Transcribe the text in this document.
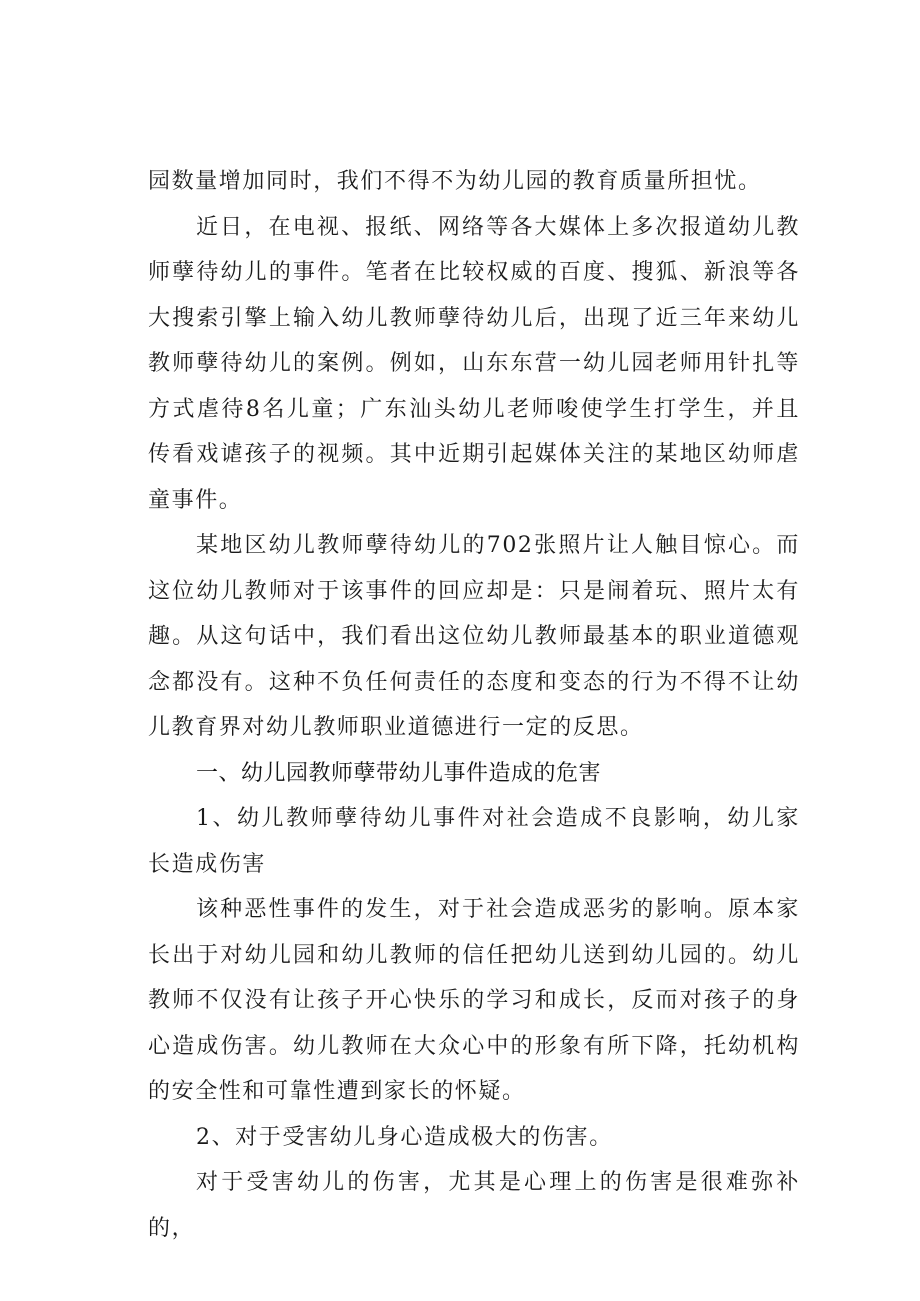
园数量增加同时，我们不得不为幼儿园的教育质量所担忧。

近日，在电视、报纸、网络等各大媒体上多次报道幼儿教师孽待幼儿的事件。笔者在比较权威的百度、搜狐、新浪等各大搜索引擎上输入幼儿教师孽待幼儿后，出现了近三年来幼儿教师孽待幼儿的案例。例如，山东东营一幼儿园老师用针扎等方式虐待8名儿童；广东汕头幼儿老师唆使学生打学生，并且传看戏谑孩子的视频。其中近期引起媒体关注的某地区幼师虐童事件。

某地区幼儿教师孽待幼儿的702张照片让人触目惊心。而这位幼儿教师对于该事件的回应却是：只是闹着玩、照片太有趣。从这句话中，我们看出这位幼儿教师最基本的职业道德观念都没有。这种不负任何责任的态度和变态的行为不得不让幼儿教育界对幼儿教师职业道德进行一定的反思。

一、幼儿园教师孽带幼儿事件造成的危害

1、幼儿教师孽待幼儿事件对社会造成不良影响，幼儿家长造成伤害

该种恶性事件的发生，对于社会造成恶劣的影响。原本家长出于对幼儿园和幼儿教师的信任把幼儿送到幼儿园的。幼儿教师不仅没有让孩子开心快乐的学习和成长，反而对孩子的身心造成伤害。幼儿教师在大众心中的形象有所下降，托幼机构的安全性和可靠性遭到家长的怀疑。

2、对于受害幼儿身心造成极大的伤害。

对于受害幼儿的伤害，尤其是心理上的伤害是很难弥补的，
